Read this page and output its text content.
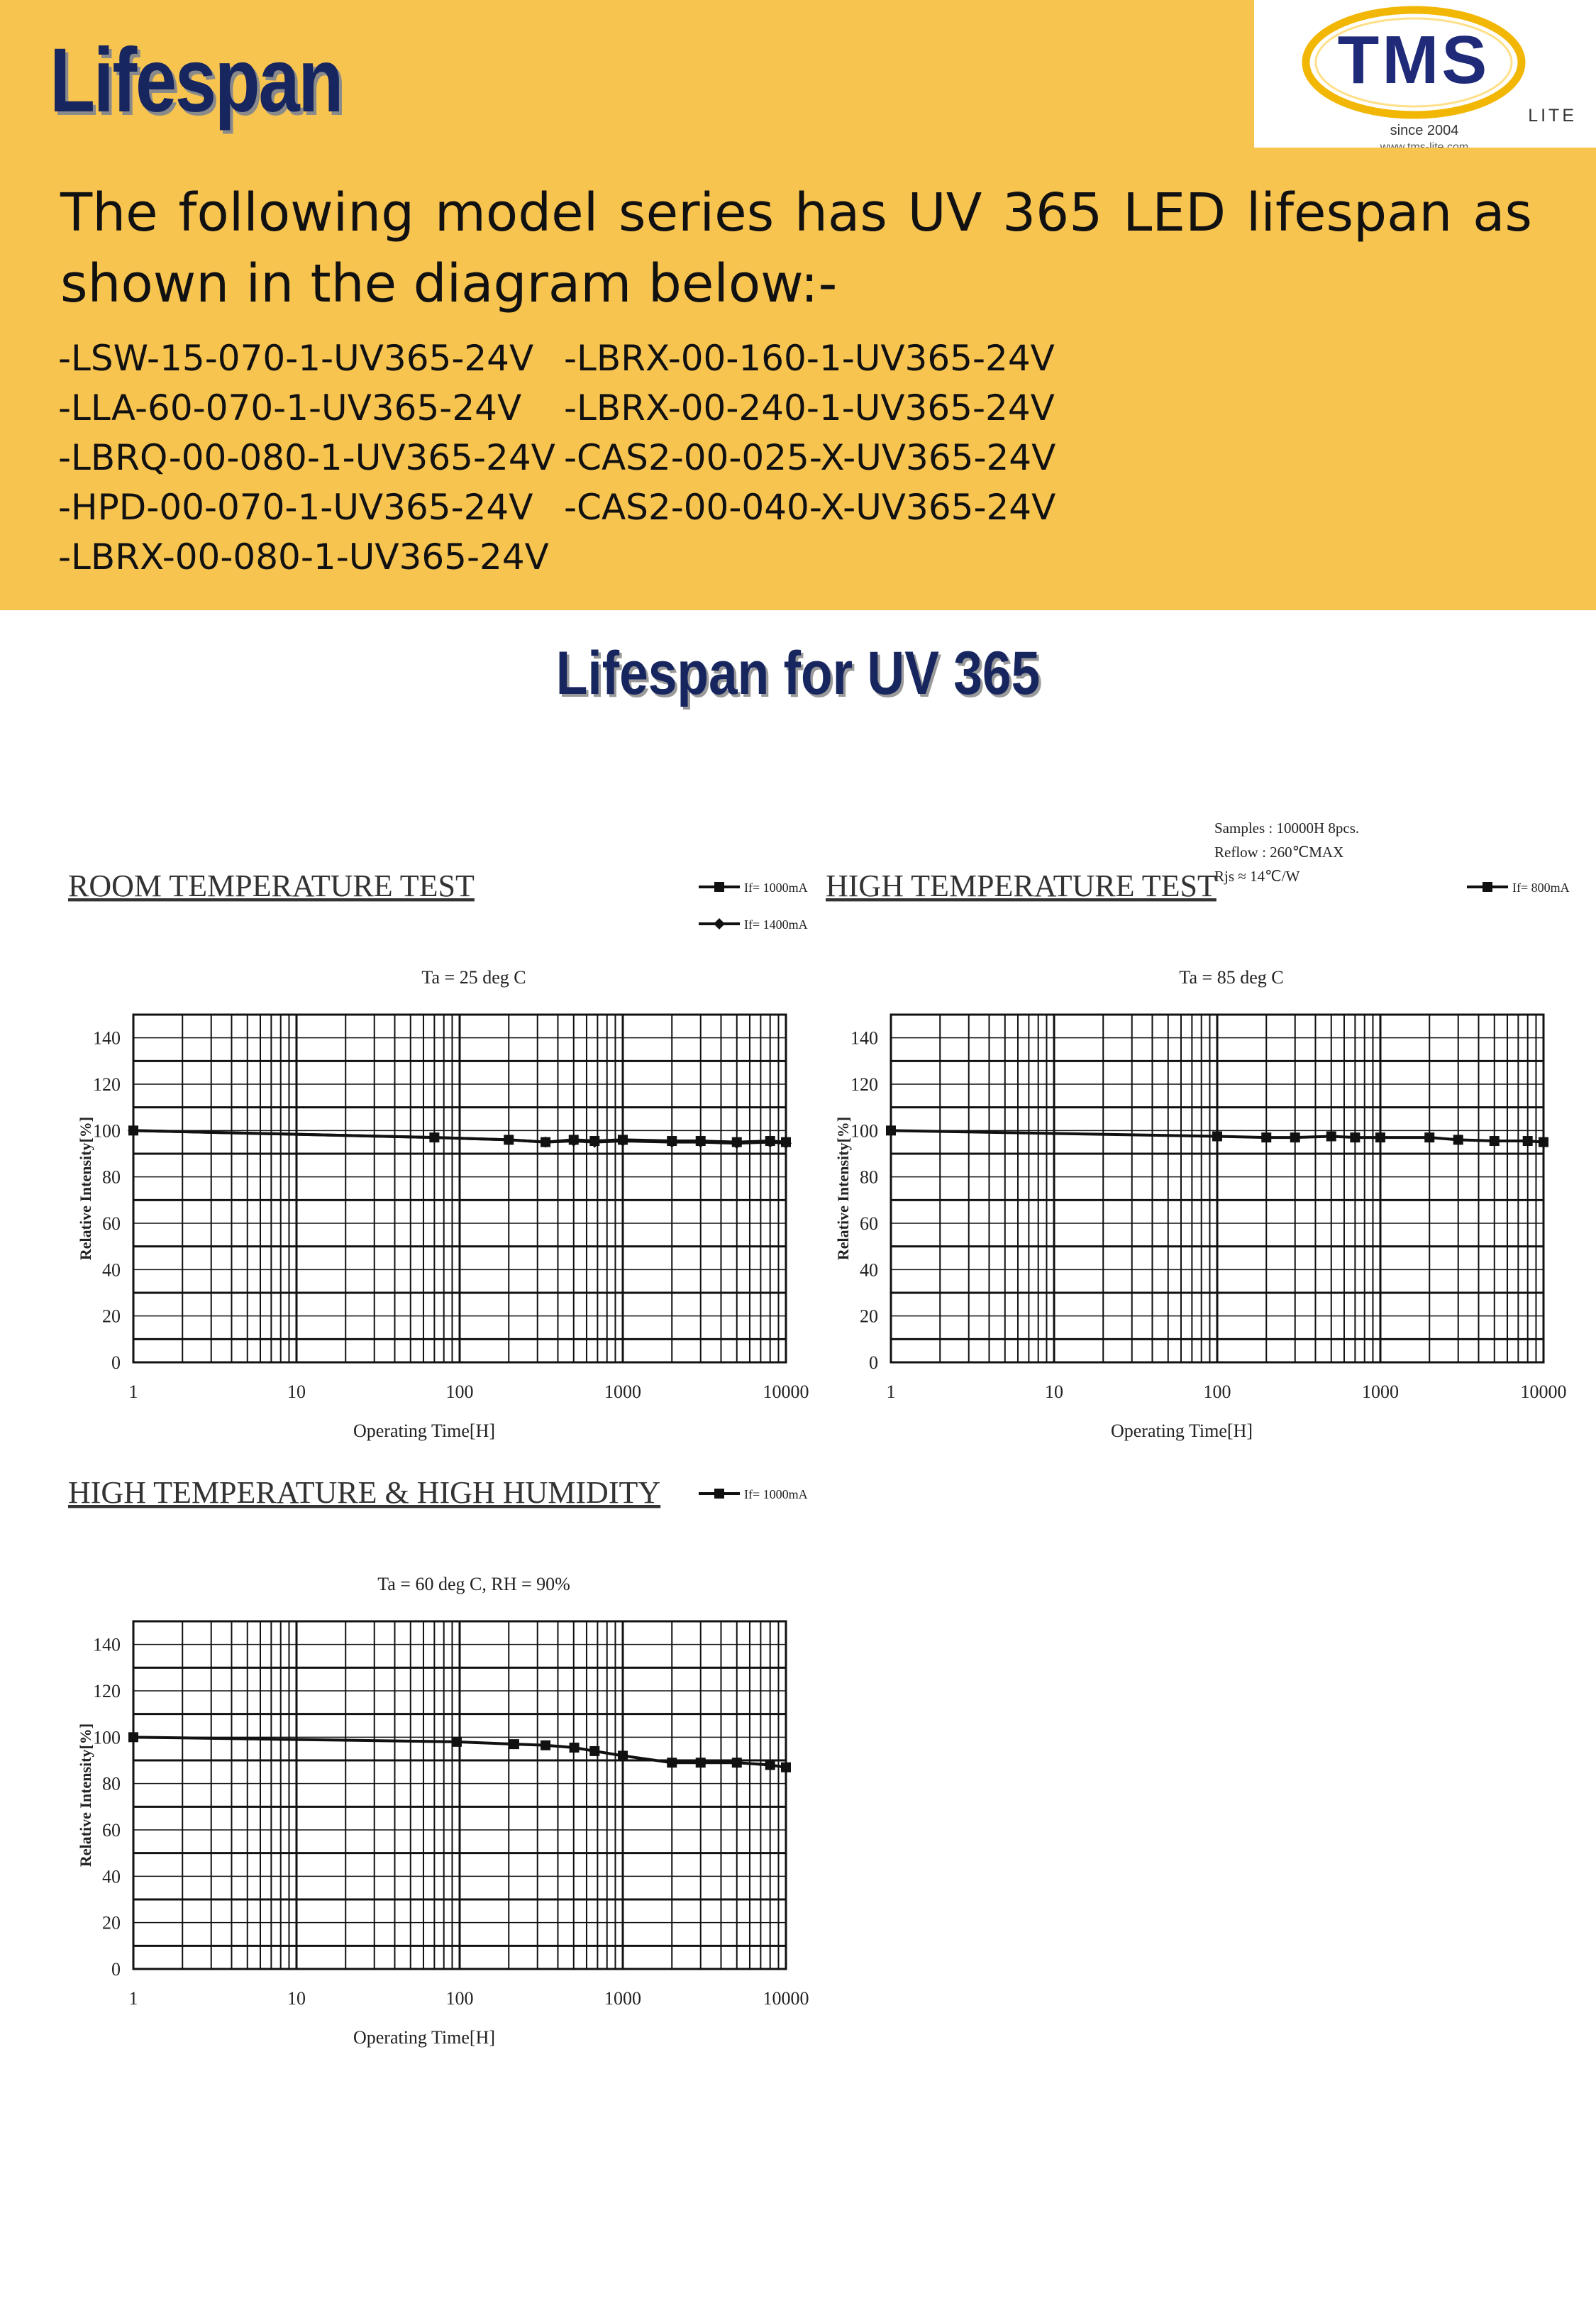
Lifespan	TMS
LITE
since 2004
www.tms-lite.com
The following model series has UV 365 LED lifespan as shown in the diagram below:-
-LSW-15-070-1-UV365-24V
-LLA-60-070-1-UV365-24V
-LBRQ-00-080-1-UV365-24V
-HPD-00-070-1-UV365-24V
-LBRX-00-080-1-UV365-24V
-LBRX-00-160-1-UV365-24V
-LBRX-00-240-1-UV365-24V
-CAS2-00-025-X-UV365-24V
-CAS2-00-040-X-UV365-24V
Lifespan for UV 365
Samples : 10000H 8pcs.
Reflow : 260℃MAX
Rjs ≈ 14℃/W
ROOM TEMPERATURE TEST
Ta = 25 deg C
If= 1000mA
If= 1400mA
0
20
40
60
80
100
120
140
1	10	100	1000	10000
Operating Time[H]
Relative Intensity[%]
HIGH TEMPERATURE TEST
Ta = 85 deg C
If= 800mA
0
20
40
60
80
100
120
140
1	10	100	1000	10000
Operating Time[H]
Relative Intensity[%]
HIGH TEMPERATURE & HIGH HUMIDITY
Ta = 60 deg C, RH = 90%
If= 1000mA
0
20
40
60
80
100
120
140
1	10	100	1000	10000
Operating Time[H]
Relative Intensity[%]
